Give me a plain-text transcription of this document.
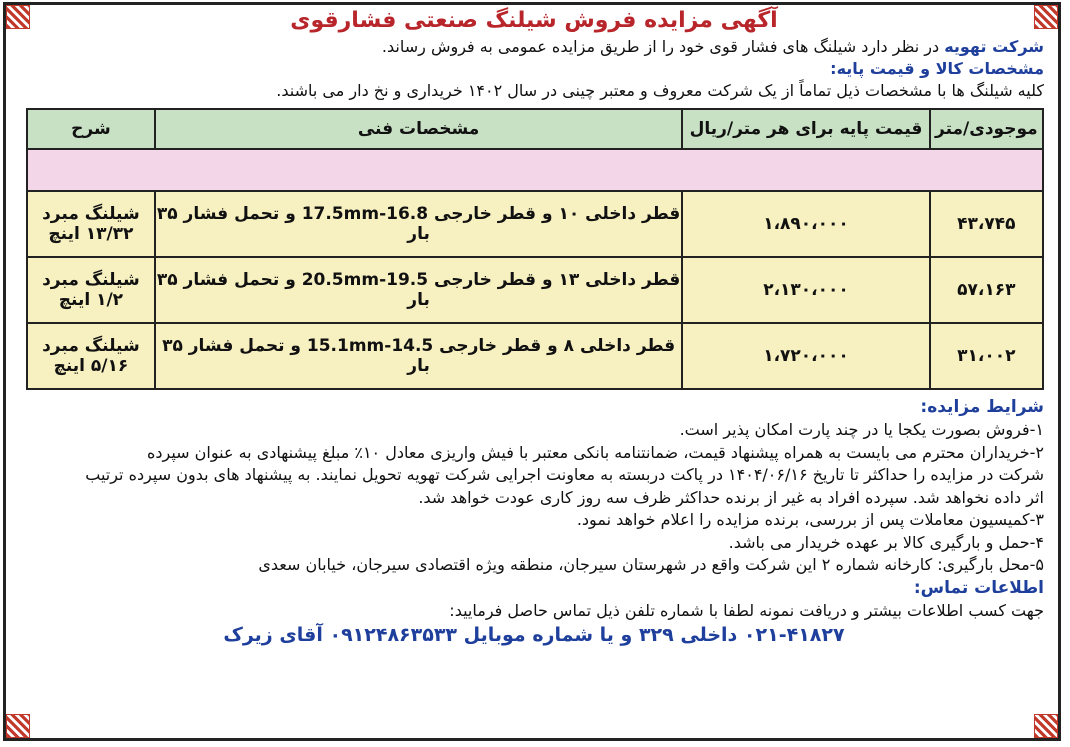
آگهی مزایده فروش شیلنگ صنعتی فشارقوی
شرکت تهویه در نظر دارد شیلنگ های فشار قوی خود را از طریق مزایده عمومی به فروش رساند.
مشخصات کالا و قیمت پایه:
کلیه شیلنگ ها با مشخصات ذیل تماماً از یک شرکت معروف و معتبر چینی در سال ۱۴۰۲ خریداری و نخ دار می باشند.
موجودی/متر	قیمت پایه برای هر متر/ریال	مشخصات فنی	شرح

۴۳،۷۴۵	۱،۸۹۰،۰۰۰	قطر داخلی ۱۰ و قطر خارجی 16.8-17.5mm و تحمل فشار ۳۵ بار	شیلنگ مبرد
۱۳/۳۲ اینچ

۵۷،۱۶۳	۲،۱۳۰،۰۰۰	قطر داخلی ۱۳ و قطر خارجی 19.5-20.5mm و تحمل فشار ۳۵ بار	شیلنگ مبرد
۱/۲ اینچ

۳۱،۰۰۲	۱،۷۲۰،۰۰۰	قطر داخلی ۸ و قطر خارجی 14.5-15.1mm و تحمل فشار ۳۵ بار	شیلنگ مبرد
۵/۱۶ اینچ
شرایط مزایده:
۱-فروش بصورت یکجا یا در چند پارت امکان پذیر است.
۲-خریداران محترم می بایست به همراه پیشنهاد قیمت، ضمانتنامه بانکی معتبر با فیش واریزی معادل ۱۰٪ مبلغ پیشنهادی به عنوان سپرده
شرکت در مزایده را حداکثر تا تاریخ ۱۴۰۴/۰۶/۱۶ در پاکت دربسته به معاونت اجرایی شرکت تهویه تحویل نمایند. به پیشنهاد های بدون سپرده ترتیب
اثر داده نخواهد شد. سپرده افراد به غیر از برنده حداکثر ظرف سه روز کاری عودت خواهد شد.
۳-کمیسیون معاملات پس از بررسی، برنده مزایده را اعلام خواهد نمود.
۴-حمل و بارگیری کالا بر عهده خریدار می باشد.
۵-محل بارگیری: کارخانه شماره ۲ این شرکت واقع در شهرستان سیرجان، منطقه ویژه اقتصادی سیرجان، خیابان سعدی
اطلاعات تماس:
جهت کسب اطلاعات بیشتر و دریافت نمونه لطفا با شماره تلفن ذیل تماس حاصل فرمایید:
۰۲۱-۴۱۸۲۷ داخلی ۳۲۹ و یا شماره موبایل ۰۹۱۲۴۸۶۳۵۳۳ آقای زیرک
